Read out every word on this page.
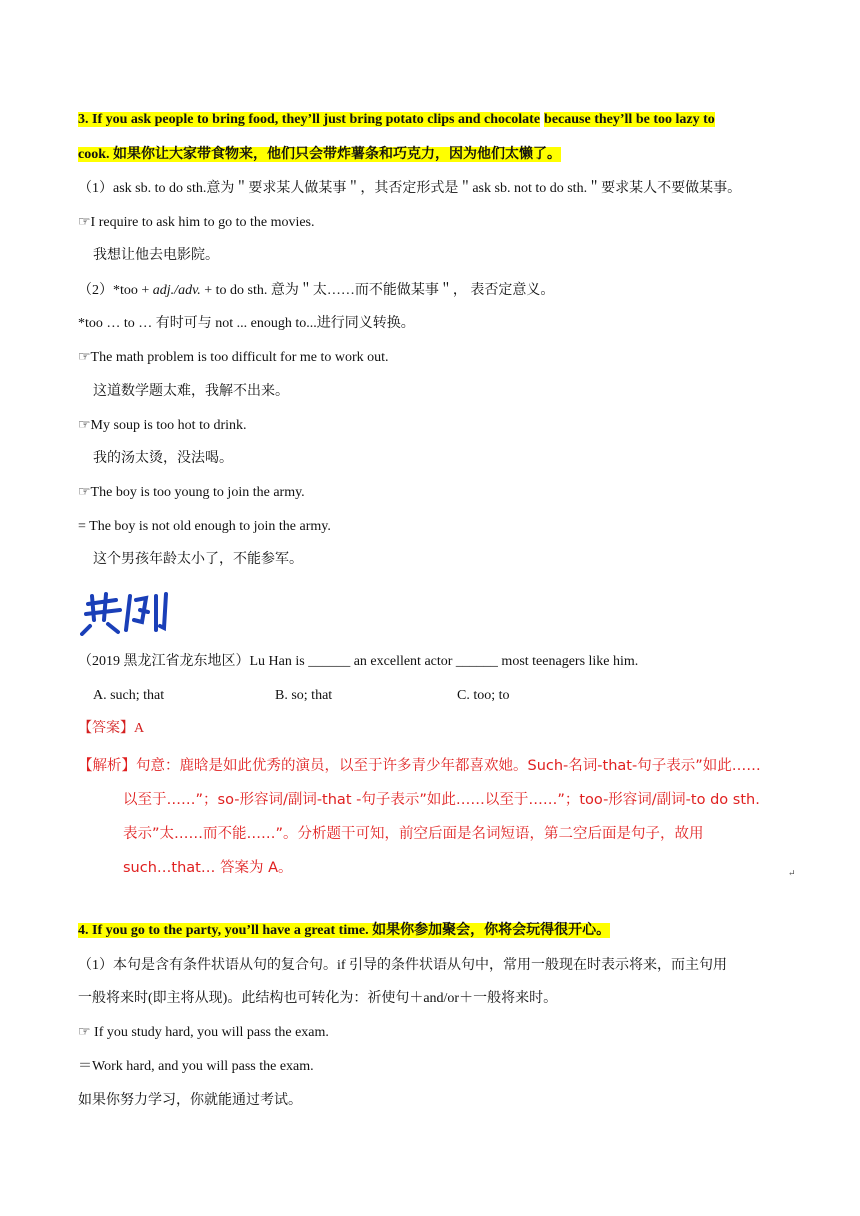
3. If you ask people to bring food, they’ll just bring potato clips and chocolate because they’ll be too lazy to
cook. 如果你让大家带食物来，他们只会带炸薯条和巧克力，因为他们太懒了。
（1）ask sb. to do sth.意为＂要求某人做某事＂，其否定形式是＂ask sb. not to do sth.＂要求某人不要做某事。
☞I require to ask him to go to the movies.
我想让他去电影院。
（2）*too + adj./adv. + to do sth. 意为＂太……而不能做某事＂， 表否定意义。
*too … to … 有时可与 not ... enough to...进行同义转换。
☞The math problem is too difficult for me to work out.
这道数学题太难，我解不出来。
☞My soup is too hot to drink.
我的汤太烫，没法喝。
☞The boy is too young to join the army.
= The boy is not old enough to join the army.
这个男孩年龄太小了，不能参军。
（2019 黑龙江省龙东地区）Lu Han is ______ an excellent actor ______ most teenagers like him.
A. such; that	B. so; that	C. too; to
【答案】A
【解析】句意：鹿晗是如此优秀的演员，以至于许多青少年都喜欢她。Such-名词-that-句子表示”如此……
以至于……”；so-形容词/副词-that -句子表示”如此……以至于……”；too-形容词/副词-to do sth.
表示”太……而不能……”。分析题干可知，前空后面是名词短语，第二空后面是句子，故用
such…that… 答案为 A。	↵
4. If you go to the party, you’ll have a great time. 如果你参加聚会，你将会玩得很开心。
（1）本句是含有条件状语从句的复合句。if 引导的条件状语从句中，常用一般现在时表示将来，而主句用
一般将来时(即主将从现)。此结构也可转化为：祈使句＋and/or＋一般将来时。
☞ If you study hard, you will pass the exam.
＝Work hard, and you will pass the exam.
如果你努力学习，你就能通过考试。
